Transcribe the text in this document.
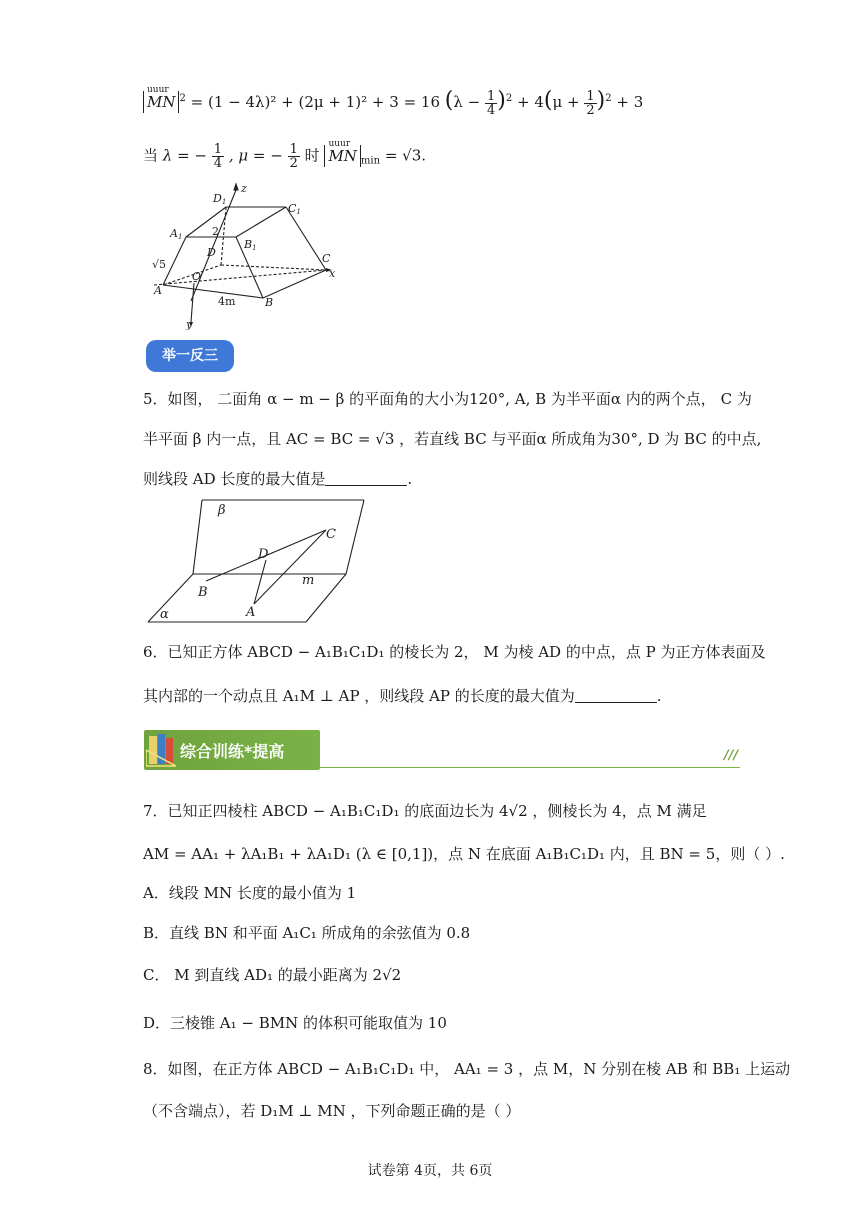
uuur
MN $^2$ = (1 − 4λ)² + (2μ + 1)² + 3 = 16 $(\lambda - \frac{1}{4} )^2 + 4(\mu + \frac{1}{2} )^2 + 3$
当 λ = − $\frac{1}{4}$ , μ = − $\frac{1}{2}$ 时
uuur
MN $_{min}$ = √3.
z
D1	C1
A1	2
D
B1
√5
O
C
x
A
4m	B
y
举一反三
5．如图， 二面角 α − m − β 的平面角的大小为120°, A, B 为半平面α 内的两个点， C 为
半平面 β 内一点，且 AC = BC = √3 ，若直线 BC 与平面α 所成角为30°, D 为 BC 的中点,
则线段 AD 长度的最大值是	.
β
C
D
m
B
A
α
6．已知正方体 ABCD − A₁B₁C₁D₁ 的棱长为 2， M 为棱 AD 的中点，点 P 为正方体表面及
其内部的一个动点且 A₁M ⊥ AP ，则线段 AP 的长度的最大值为	.
综合训练*提高	///
7．已知正四棱柱 ABCD − A₁B₁C₁D₁ 的底面边长为 4√2 ，侧棱长为 4，点 M 满足
AM = AA₁ + λA₁B₁ + λA₁D₁ (λ ∈ [0,1])，点 N 在底面 A₁B₁C₁D₁ 内，且 BN = 5，则（ ）.
A．线段 MN 长度的最小值为 1
B．直线 BN 和平面 A₁C₁ 所成角的余弦值为 0.8
C． M 到直线 AD₁ 的最小距离为 2√2
D．三棱锥 A₁ − BMN 的体积可能取值为 10
8．如图，在正方体 ABCD − A₁B₁C₁D₁ 中， AA₁ = 3 ，点 M，N 分别在棱 AB 和 BB₁ 上运动
（不含端点），若 D₁M ⊥ MN ，下列命题正确的是（ ）
试卷第 4页，共 6页
